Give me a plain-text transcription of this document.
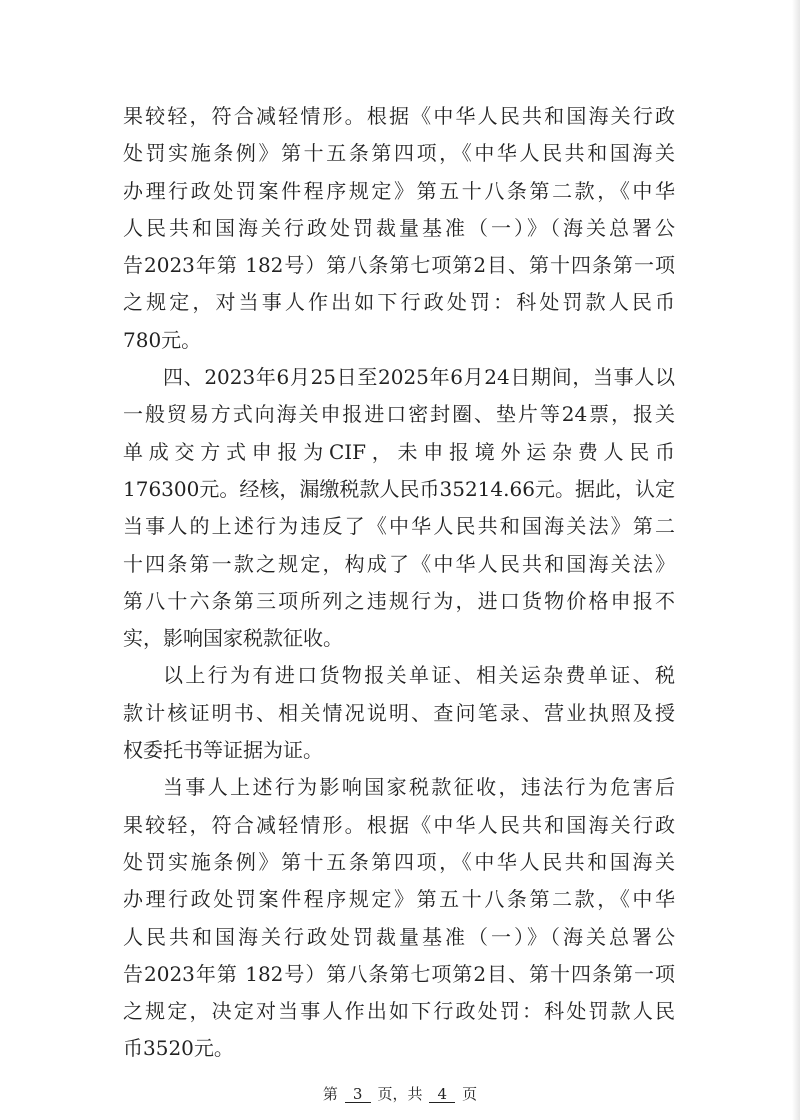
果较轻，符合减轻情形。根据《中华人民共和国海关行政
处罚实施条例》第十五条第四项，《中华人民共和国海关
办理行政处罚案件程序规定》第五十八条第二款，《中华
人民共和国海关行政处罚裁量基准（一）》（海关总署公
告2023年第 182号）第八条第七项第2目、第十四条第一项
之规定，对当事人作出如下行政处罚：科处罚款人民币
780元。
四、2023年6月25日至2025年6月24日期间，当事人以
一般贸易方式向海关申报进口密封圈、垫片等24票，报关
单成交方式申报为CIF，未申报境外运杂费人民币
176300元。经核，漏缴税款人民币35214.66元。据此，认定
当事人的上述行为违反了《中华人民共和国海关法》第二
十四条第一款之规定，构成了《中华人民共和国海关法》
第八十六条第三项所列之违规行为，进口货物价格申报不
实，影响国家税款征收。
以上行为有进口货物报关单证、相关运杂费单证、税
款计核证明书、相关情况说明、查问笔录、营业执照及授
权委托书等证据为证。
当事人上述行为影响国家税款征收，违法行为危害后
果较轻，符合减轻情形。根据《中华人民共和国海关行政
处罚实施条例》第十五条第四项，《中华人民共和国海关
办理行政处罚案件程序规定》第五十八条第二款，《中华
人民共和国海关行政处罚裁量基准（一）》（海关总署公
告2023年第 182号）第八条第七项第2目、第十四条第一项
之规定，决定对当事人作出如下行政处罚：科处罚款人民
币3520元。
第 3 页，共 4 页
